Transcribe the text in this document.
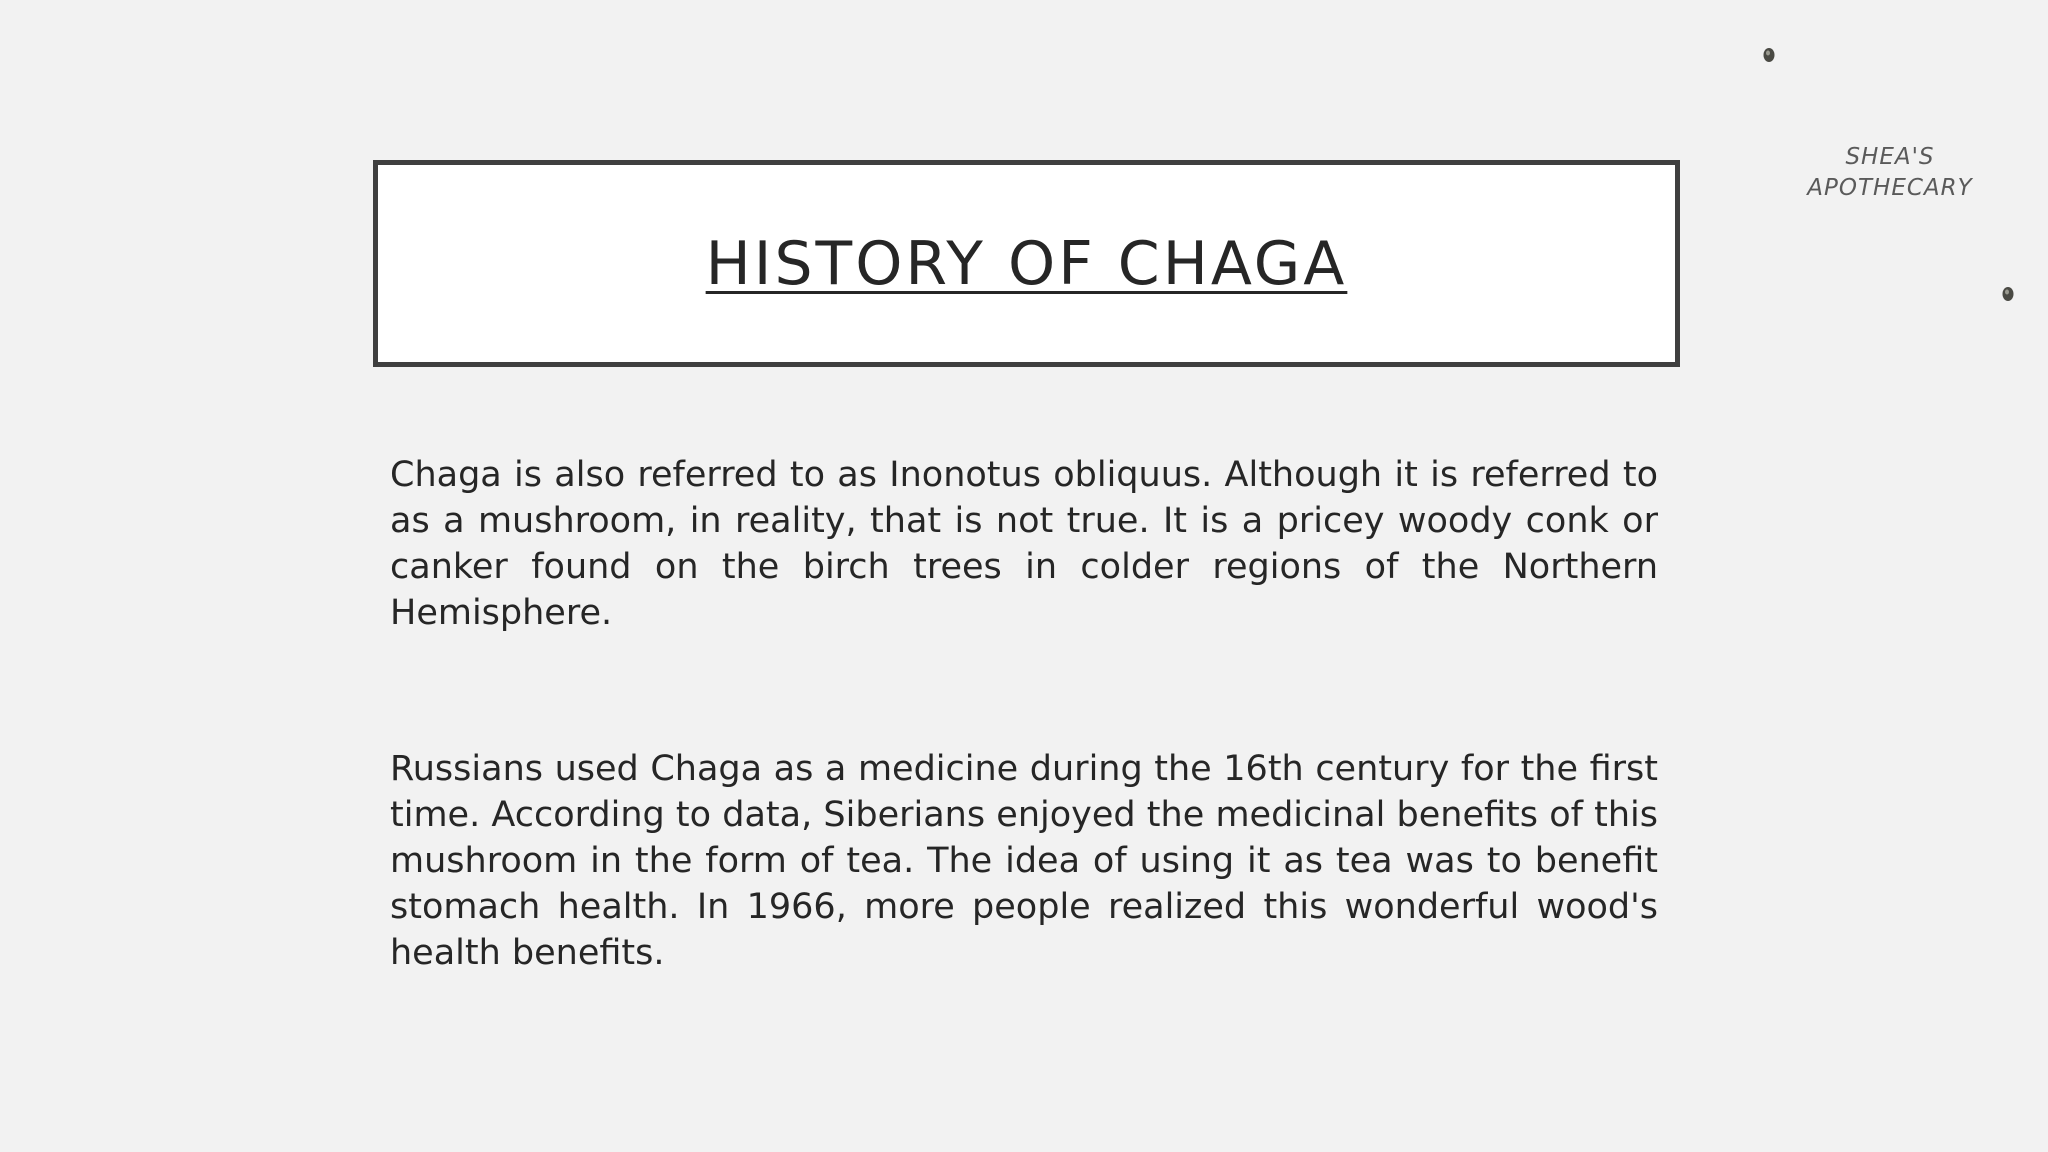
SHEA'S
APOTHECARY
HISTORY OF CHAGA

Chaga is also referred to as Inonotus obliquus. Although it is referred to as a mushroom, in reality, that is not true. It is a pricey woody conk or canker found on the birch trees in colder regions of the Northern Hemisphere.

Russians used Chaga as a medicine during the 16th century for the first time. According to data, Siberians enjoyed the medicinal benefits of this mushroom in the form of tea. The idea of using it as tea was to benefit stomach health. In 1966, more people realized this wonderful wood's health benefits.
